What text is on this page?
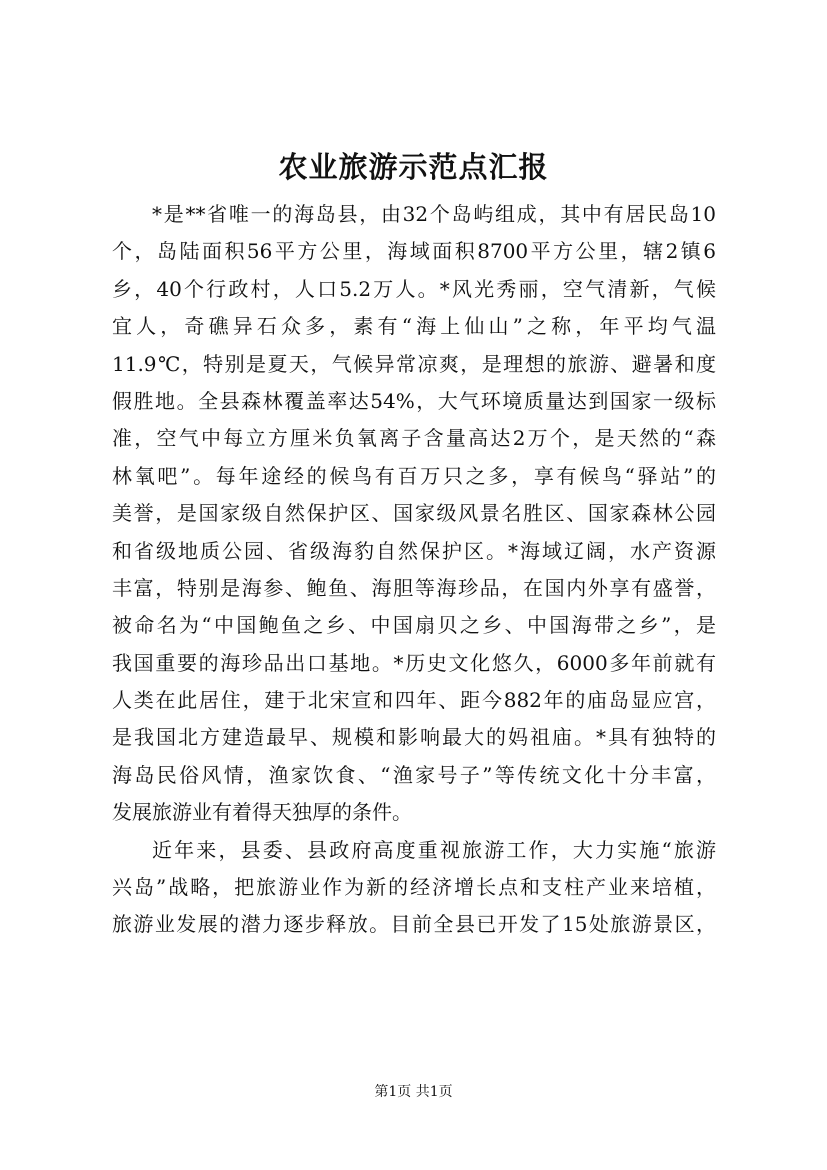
农业旅游示范点汇报
*是**省唯一的海岛县，由32个岛屿组成，其中有居民岛10
个，岛陆面积56平方公里，海域面积8700平方公里，辖2镇6
乡，40个行政村，人口5.2万人。*风光秀丽，空气清新，气候
宜人，奇礁异石众多，素有“海上仙山”之称，年平均气温
11.9℃，特别是夏天，气候异常凉爽，是理想的旅游、避暑和度
假胜地。全县森林覆盖率达54%，大气环境质量达到国家一级标
准，空气中每立方厘米负氧离子含量高达2万个，是天然的“森
林氧吧”。每年途经的候鸟有百万只之多，享有候鸟“驿站”的
美誉，是国家级自然保护区、国家级风景名胜区、国家森林公园
和省级地质公园、省级海豹自然保护区。*海域辽阔，水产资源
丰富，特别是海参、鲍鱼、海胆等海珍品，在国内外享有盛誉，
被命名为“中国鲍鱼之乡、中国扇贝之乡、中国海带之乡”，是
我国重要的海珍品出口基地。*历史文化悠久，6000多年前就有
人类在此居住，建于北宋宣和四年、距今882年的庙岛显应宫，
是我国北方建造最早、规模和影响最大的妈祖庙。*具有独特的
海岛民俗风情，渔家饮食、“渔家号子”等传统文化十分丰富，
发展旅游业有着得天独厚的条件。
近年来，县委、县政府高度重视旅游工作，大力实施“旅游
兴岛”战略，把旅游业作为新的经济增长点和支柱产业来培植，
旅游业发展的潜力逐步释放。目前全县已开发了15处旅游景区，
第1页 共1页
